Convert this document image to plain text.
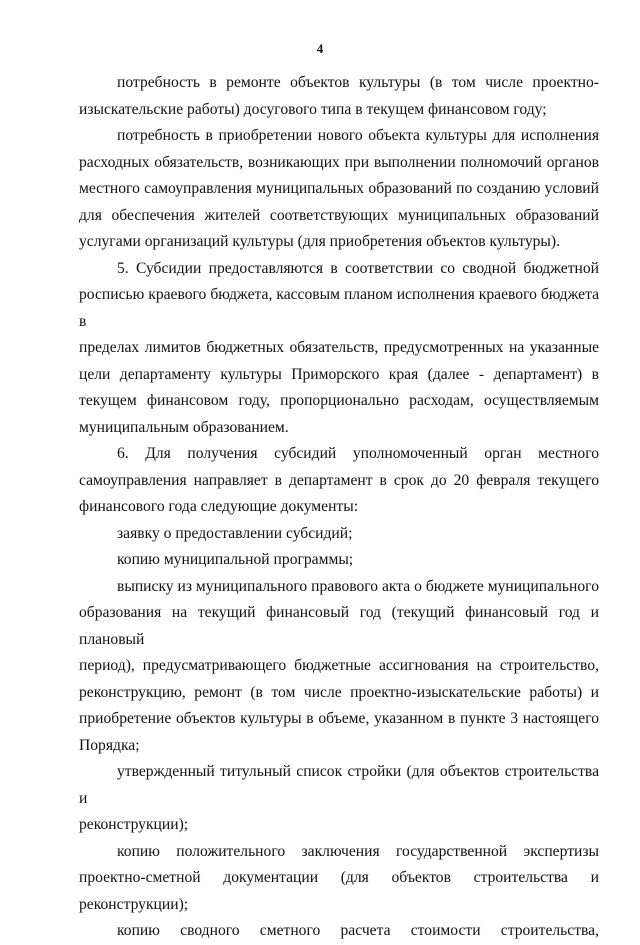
4
потребность в ремонте объектов культуры (в том числе проектно-
изыскательские работы) досугового типа в текущем финансовом году;
потребность в приобретении нового объекта культуры для исполнения
расходных обязательств, возникающих при выполнении полномочий органов
местного самоуправления муниципальных образований по созданию условий
для обеспечения жителей соответствующих муниципальных образований
услугами организаций культуры (для приобретения объектов культуры).
5. Субсидии предоставляются в соответствии со сводной бюджетной
росписью краевого бюджета, кассовым планом исполнения краевого бюджета в
пределах лимитов бюджетных обязательств, предусмотренных на указанные
цели департаменту культуры Приморского края (далее - департамент) в
текущем финансовом году, пропорционально расходам, осуществляемым
муниципальным образованием.
6. Для получения субсидий уполномоченный орган местного
самоуправления направляет в департамент в срок до 20 февраля текущего
финансового года следующие документы:
заявку о предоставлении субсидий;
копию муниципальной программы;
выписку из муниципального правового акта о бюджете муниципального
образования на текущий финансовый год (текущий финансовый год и плановый
период), предусматривающего бюджетные ассигнования на строительство,
реконструкцию, ремонт (в том числе проектно-изыскательские работы) и
приобретение объектов культуры в объеме, указанном в пункте 3 настоящего
Порядка;
утвержденный титульный список стройки (для объектов строительства и
реконструкции);
копию положительного заключения государственной экспертизы
проектно-сметной документации (для объектов строительства и
реконструкции);
копию сводного сметного расчета стоимости строительства,
